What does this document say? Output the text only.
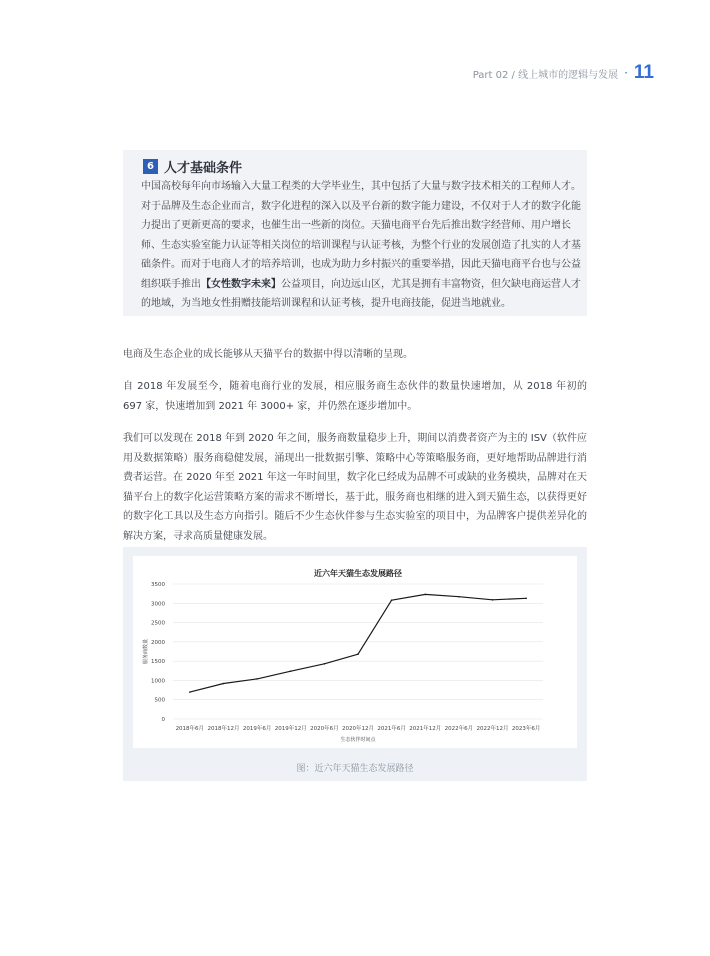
Part 02 / 线上城市的逻辑与发展 · 11
6 人才基础条件

中国高校每年向市场输入大量工程类的大学毕业生，其中包括了大量与数字技术相关的工程师人才。对于品牌及生态企业而言，数字化进程的深入以及平台新的数字能力建设，不仅对于人才的数字化能力提出了更新更高的要求，也催生出一些新的岗位。天猫电商平台先后推出数字经营师、用户增长师、生态实验室能力认证等相关岗位的培训课程与认证考核，为整个行业的发展创造了扎实的人才基础条件。而对于电商人才的培养培训，也成为助力乡村振兴的重要举措，因此天猫电商平台也与公益组织联手推出【女性数字未来】公益项目，向边远山区，尤其是拥有丰富物资，但欠缺电商运营人才的地域，为当地女性捐赠技能培训课程和认证考核，提升电商技能，促进当地就业。

电商及生态企业的成长能够从天猫平台的数据中得以清晰的呈现。

自 2018 年发展至今，随着电商行业的发展，相应服务商生态伙伴的数量快速增加，从 2018 年初的 697 家，快速增加到 2021 年 3000+ 家，并仍然在逐步增加中。

我们可以发现在 2018 年到 2020 年之间，服务商数量稳步上升，期间以消费者资产为主的 ISV（软件应用及数据策略）服务商稳健发展，涌现出一批数据引擎、策略中心等策略服务商，更好地帮助品牌进行消费者运营。在 2020 年至 2021 年这一年时间里，数字化已经成为品牌不可或缺的业务模块，品牌对在天猫平台上的数字化运营策略方案的需求不断增长，基于此，服务商也相继的进入到天猫生态，以获得更好的数字化工具以及生态方向指引。随后不少生态伙伴参与生态实验室的项目中，为品牌客户提供差异化的解决方案，寻求高质量健康发展。

近六年天猫生态发展路径
0
500
1000
1500
2000
2500
3000
3500
2018年6月 2018年12月 2019年6月 2019年12月 2020年6月 2020年12月 2021年6月 2021年12月 2022年6月 2022年12月 2023年6月
生态伙伴时间点
服务商数量
图：近六年天猫生态发展路径
